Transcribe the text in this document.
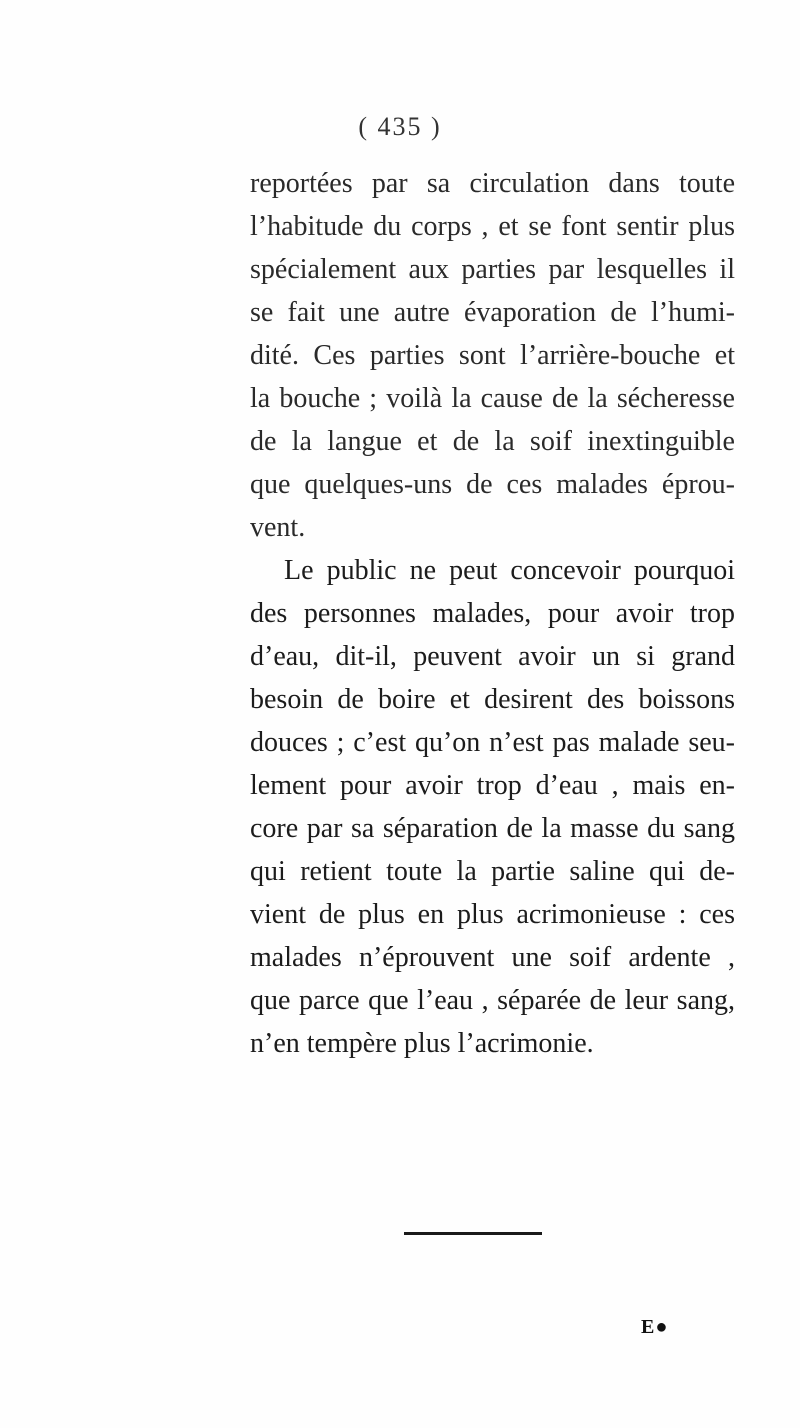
( 435 )
reportées par sa circulation dans toute
l’habitude du corps , et se font sentir plus
spécialement aux parties par lesquelles il
se fait une autre évaporation de l’humi-
dité. Ces parties sont l’arrière-bouche et
la bouche ; voilà la cause de la sécheresse
de la langue et de la soif inextinguible
que quelques-uns de ces malades éprou-
vent.
Le public ne peut concevoir pourquoi
des personnes malades, pour avoir trop
d’eau, dit-il, peuvent avoir un si grand
besoin de boire et desirent des boissons
douces ; c’est qu’on n’est pas malade seu-
lement pour avoir trop d’eau , mais en-
core par sa séparation de la masse du sang
qui retient toute la partie saline qui de-
vient de plus en plus acrimonieuse : ces
malades n’éprouvent une soif ardente ,
que parce que l’eau , séparée de leur sang,
n’en tempère plus l’acrimonie.
E●
